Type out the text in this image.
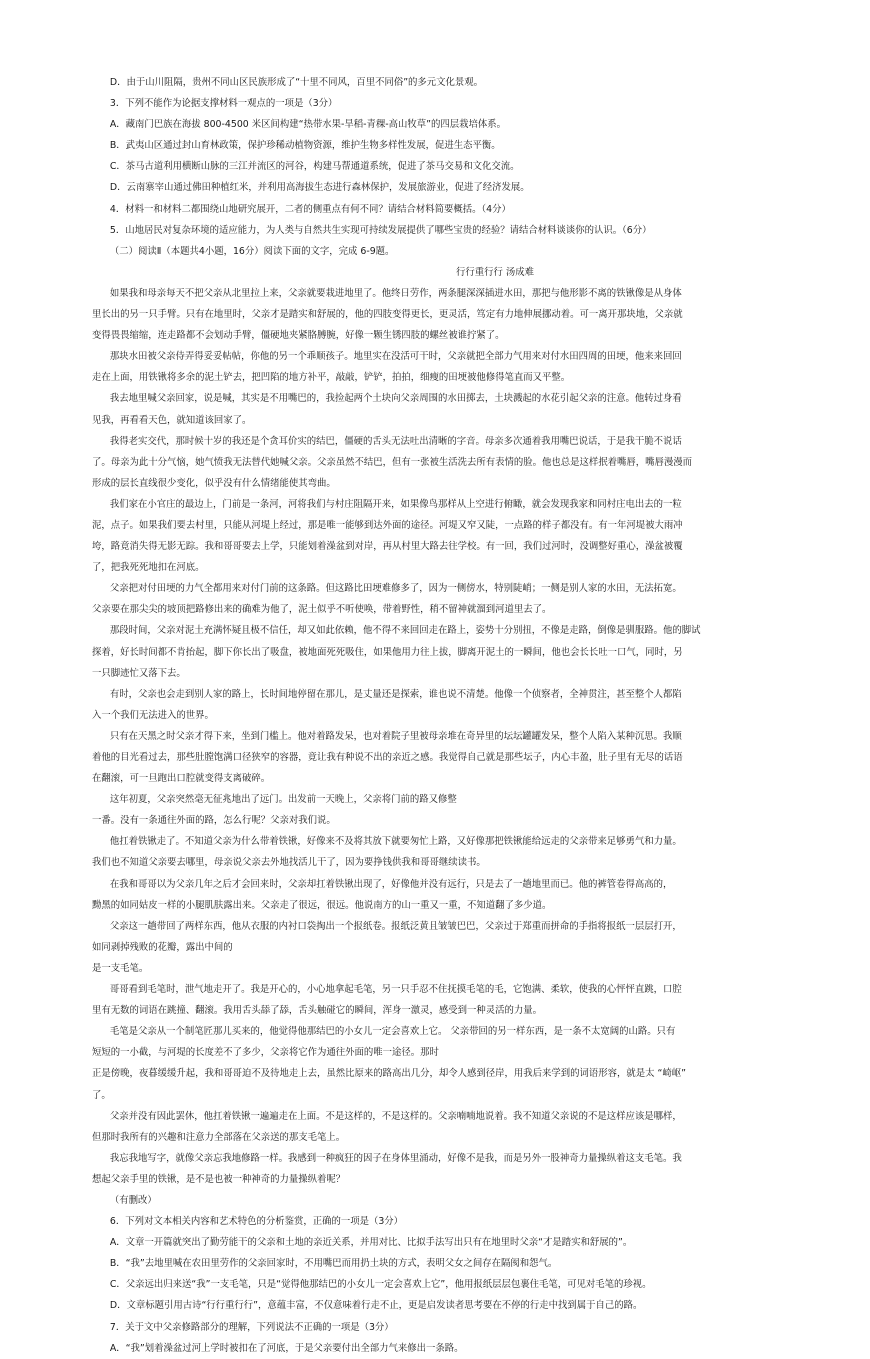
D．由于山川阻隔，贵州不同山区民族形成了“十里不同风，百里不同俗”的多元文化景观。
3．下列不能作为论据支撑材料一观点的一项是（3分）
A．藏南门巴族在海拔 800-4500 米区间构建“热带水果-旱稻-青稞-高山牧草”的四层栽培体系。
B．武夷山区通过封山育林政策，保护珍稀动植物资源，维护生物多样性发展，促进生态平衡。
C．茶马古道利用横断山脉的三江并流区的河谷，构建马帮通道系统，促进了茶马交易和文化交流。
D．云南寨宰山通过佛田种植红米，并利用高海拔生态进行森林保护，发展旅游业，促进了经济发展。
4．材料一和材料二都围绕山地研究展开，二者的侧重点有何不同？请结合材料简要概括。（4分）
5．山地居民对复杂环境的适应能力，为人类与自然共生实现可持续发展提供了哪些宝贵的经验？请结合材料谈谈你的认识。（6分）
（二）阅读Ⅱ（本题共4小题，16分）阅读下面的文字，完成 6-9题。
行行重行行 汤成难
如果我和母亲每天不把父亲从北里拉上来，父亲就要栽进地里了。他终日劳作，两条腿深深插进水田，那把与他形影不离的铁锹像是从身体
里长出的另一只手臂。只有在地里时，父亲才是踏实和舒展的，他的四肢变得更长，更灵活，笃定有力地伸展挪动着。可一离开那块地，父亲就
变得畏畏缩缩，连走路都不会划动手臂，僵硬地夹紧胳膊腕，好像一颗生锈四肢的螺丝被谁拧紧了。
那块水田被父亲侍弄得妥妥帖帖，你他的另一个乖顺孩子。地里实在没活可干时，父亲就把全部力气用来对付水田四周的田埂，他来来回回
走在上面，用铁锹将多余的泥土铲去，把凹陷的地方补平，敲敲，铲铲，拍拍，细瘦的田埂被他修得笔直而又平整。
我去地里喊父亲回家，说是喊，其实是不用嘴巴的，我捡起两个土块向父亲周围的水田掷去，土块溅起的水花引起父亲的注意。他转过身看
见我，再看看天色，就知道该回家了。
我得老实交代，那时候十岁的我还是个贪耳价实的结巴，僵硬的舌头无法吐出清晰的字音。母亲多次通着我用嘴巴说话，于是我干脆不说话
了。母亲为此十分气恼，她气愤我无法替代她喊父亲。父亲虽然不结巴，但有一张被生活洗去所有表情的脸。他也总是这样抿着嘴唇，嘴唇漫漫而
形成的层长直线很少变化，似乎没有什么情绪能使其弯曲。
我们家在小官庄的最边上，门前是一条河，河将我们与村庄阻隔开来，如果像鸟那样从上空进行俯瞰，就会发现我家和同村庄电出去的一粒
泥，点子。如果我们要去村里，只能从河堤上经过，那是唯一能够到达外面的途径。河堤又窄又陡，一点路的样子都没有。有一年河堤被大雨冲
垮，路竟消失得无影无踪。我和哥哥要去上学，只能划着澡盆到对岸，再从村里大路去往学校。有一回，我们过河时，没调整好重心，澡盆被覆
了，把我死死地扣在河底。
父亲把对付田埂的力气全都用来对付门前的这条路。但这路比田埂难修多了，因为一侧傍水，特别陡峭；一侧是别人家的水田，无法拓宽。
父亲要在那尖尖的坡顶把路修出来的确难为他了，泥土似乎不听使唤，带着野性，稍不留神就溜到河道里去了。
那段时间，父亲对泥土充满怀疑且极不信任，却又如此依赖，他不得不来回回走在路上，姿势十分别扭，不像是走路，倒像是驯服路。他的脚试
探着，好长时间都不肯抬起，脚下你长出了吸盘，被地面死死吸住，如果他用力往上拔，脚离开泥土的一瞬间，他也会长长吐一口气，同时，另
一只脚迹忙又落下去。
有时，父亲也会走到别人家的路上，长时间地停留在那儿，是丈量还是探索，谁也说不清楚。他像一个侦察者，全神贯注，甚至整个人都陷
入一个我们无法进入的世界。
只有在天黑之时父亲才得下来，坐到门槛上。他对着路发呆，也对着院子里被母亲堆在奇异里的坛坛罐罐发呆，整个人陷入某种沉思。我顺
着他的目光看过去，那些肚膛饱满口径狭窄的容器，竟让我有种说不出的亲近之感。我觉得自己就是那些坛子，内心丰盈，肚子里有无尽的话语
在翻滚，可一旦跑出口腔就变得支离破碎。
这年初夏，父亲突然毫无征兆地出了远门。出发前一天晚上，父亲将门前的路又修整
一番。没有一条通往外面的路，怎么行呢？父亲对我们说。
他扛着铁锹走了。不知道父亲为什么带着铁锹，好像来不及将其放下就要匆忙上路，又好像那把铁锹能给远走的父亲带来足够勇气和力量。
我们也不知道父亲要去哪里，母亲说父亲去外地找活儿干了，因为要挣钱供我和哥哥继续读书。
在我和哥哥以为父亲几年之后才会回来时，父亲却扛着铁锹出现了，好像他并没有远行，只是去了一趟地里而已。他的裤管卷得高高的，
黝黑的如同姑皮一样的小腿肌肤露出来。父亲走了很远，很远。他说南方的山一重又一重，不知道翻了多少道。
父亲这一趟带回了两样东西，他从衣服的内衬口袋掏出一个报纸卷。报纸泛黄且皱皱巴巴，父亲过于郑重而拼命的手指将报纸一层层打开，
如同剥掉残败的花瓣，露出中间的
是一支毛笔。
哥哥看到毛笔时，泄气地走开了。我是开心的，小心地拿起毛笔，另一只手忍不住抚摸毛笔的毛，它饱满、柔软，使我的心怦怦直跳，口腔
里有无数的词语在跳撞、翻滚。我用舌头舔了舔，舌头触碰它的瞬间，浑身一激灵，感受到一种灵活的力量。
毛笔是父亲从一个制笔匠那儿买来的，他觉得他那结巴的小女儿一定会喜欢上它。 父亲带回的另一样东西，是一条不太宽阔的山路。只有
短短的一小截，与河堤的长度差不了多少，父亲将它作为通往外面的唯一途径。那时
正是傍晚，夜暮缓缓升起，我和哥哥迫不及待地走上去，虽然比原来的路高出几分，却令人感到径岸，用我后来学到的词语形容，就是太 “崎岖”
了。
父亲并没有因此罢休，他扛着铁锹一遍遍走在上面。不是这样的，不是这样的。父亲喃喃地说着。我不知道父亲说的不是这样应该是哪样，
但那时我所有的兴趣和注意力全部落在父亲送的那支毛笔上。
我忘我地写字，就像父亲忘我地修路一样。我感到一种疯狂的因子在身体里涌动，好像不是我，而是另外一股神奇力量操纵着这支毛笔。我
想起父亲手里的铁锹，是不是也被一种神奇的力量操纵着呢？
（有删改）
6．下列对文本相关内容和艺术特色的分析鉴赏，正确的一项是（3分）
A．文章一开篇就突出了勤劳能干的父亲和土地的亲近关系，并用对比、比拟手法写出只有在地里时父亲“才是踏实和舒展的”。
B．“我”去地里喊在农田里劳作的父亲回家时，不用嘴巴而用扔土块的方式，表明父女之间存在隔阂和怨气。
C．父亲远出归来送“我”一支毛笔，只是“觉得他那结巴的小女儿一定会喜欢上它”，他用报纸层层包裹住毛笔，可见对毛笔的珍视。
D．文章标题引用古诗“行行重行行”，意蕴丰富，不仅意味着行走不止，更是启发读者思考要在不停的行走中找到属于自己的路。
7．关于文中父亲修路部分的理解，下列说法不正确的一项是（3分）
A．“我”划着澡盆过河上学时被扣在了河底，于是父亲要付出全部力气来修出一条路。
